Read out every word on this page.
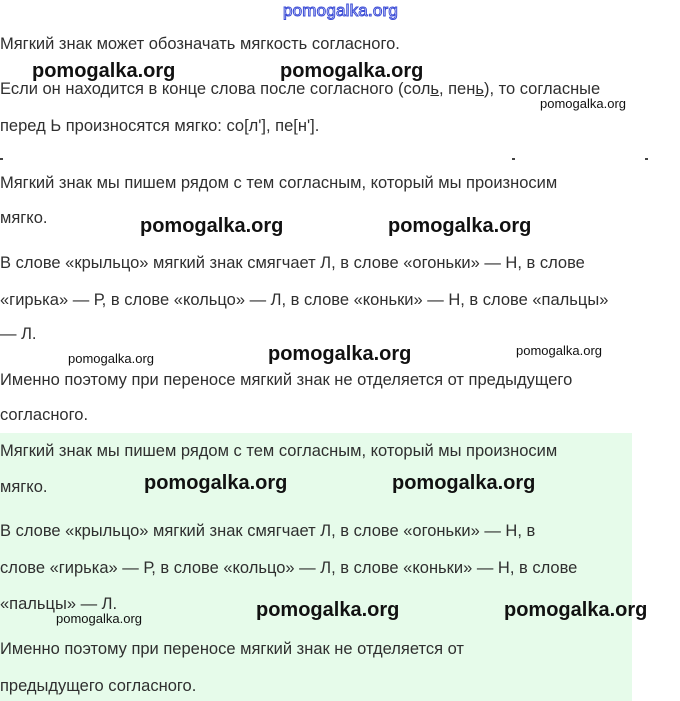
pomogalka.org
Мягкий знак может обозначать мягкость согласного.
Если он находится в конце слова после согласного (соль, пень), то согласные
перед Ь произносятся мягко: со[л'], пе[н'].
Мягкий знак мы пишем рядом с тем согласным, который мы произносим
мягко.
В слове «крыльцо» мягкий знак смягчает Л, в слове «огоньки» — Н, в слове
«гирька» — Р, в слове «кольцо» — Л, в слове «коньки» — Н, в слове «пальцы»
— Л.
Именно поэтому при переносе мягкий знак не отделяется от предыдущего
согласного.
Мягкий знак мы пишем рядом с тем согласным, который мы произносим
мягко.
В слове «крыльцо» мягкий знак смягчает Л, в слове «огоньки» — Н, в
слове «гирька» — Р, в слове «кольцо» — Л, в слове «коньки» — Н, в слове
«пальцы» — Л.
Именно поэтому при переносе мягкий знак не отделяется от
предыдущего согласного.
pomogalka.org	pomogalka.org
pomogalka.org
pomogalka.org	pomogalka.org
pomogalka.org	pomogalka.org	pomogalka.org
pomogalka.org	pomogalka.org
pomogalka.org	pomogalka.org	pomogalka.org
